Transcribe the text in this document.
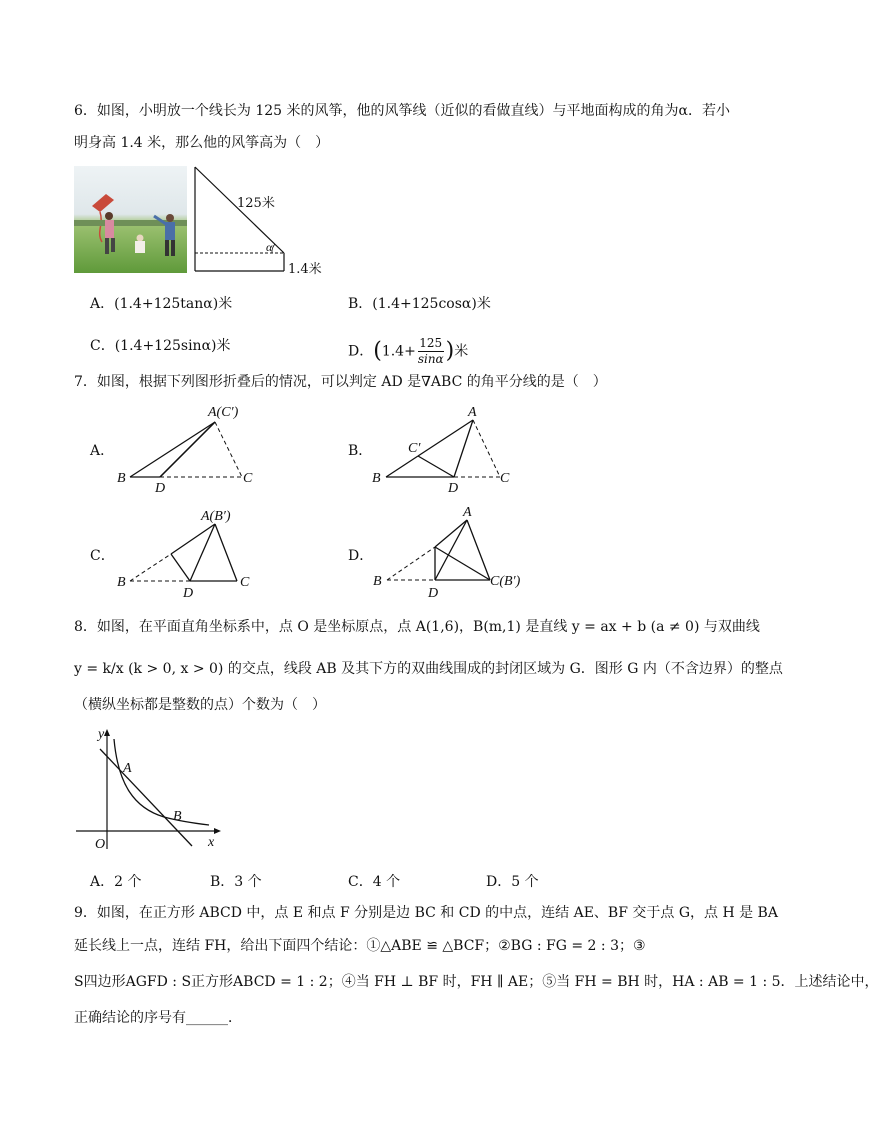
6．如图，小明放一个线长为 125 米的风筝，他的风筝线（近似的看做直线）与平地面构成的角为α．若小
明身高 1.4 米，那么他的风筝高为（　）
125米
α
1.4米
A．(1.4+125tanα)米	B．(1.4+125cosα)米
C．(1.4+125sinα)米	D．($1.4+ \frac{125}{\sin\alpha}$ )米
7．如图，根据下列图形折叠后的情况，可以判定 AD 是∇ABC 的角平分线的是（　）
A．
A(C′)
B
D
C
B．
A
C′
B
D
C
C．
A(B′)
B
D
C
D．
A
B
D
C(B′)
8．如图，在平面直角坐标系中，点 O 是坐标原点，点 A(1,6)，B(m,1) 是直线 y = ax + b (a ≠ 0) 与双曲线
y = k/x (k > 0, x > 0) 的交点，线段 AB 及其下方的双曲线围成的封闭区域为 G．图形 G 内（不含边界）的整点
（横纵坐标都是整数的点）个数为（　）
y
x
O
A
B
A．2 个	B．3 个	C．4 个	D．5 个
9．如图，在正方形 ABCD 中，点 E 和点 F 分别是边 BC 和 CD 的中点，连结 AE、BF 交于点 G，点 H 是 BA
延长线上一点，连结 FH，给出下面四个结论：①△ABE ≌ △BCF；②BG : FG = 2 : 3；③
S四边形AGFD : S正方形ABCD = 1 : 2；④当 FH ⊥ BF 时，FH ∥ AE；⑤当 FH = BH 时，HA : AB = 1 : 5．上述结论中，
正确结论的序号有______．
